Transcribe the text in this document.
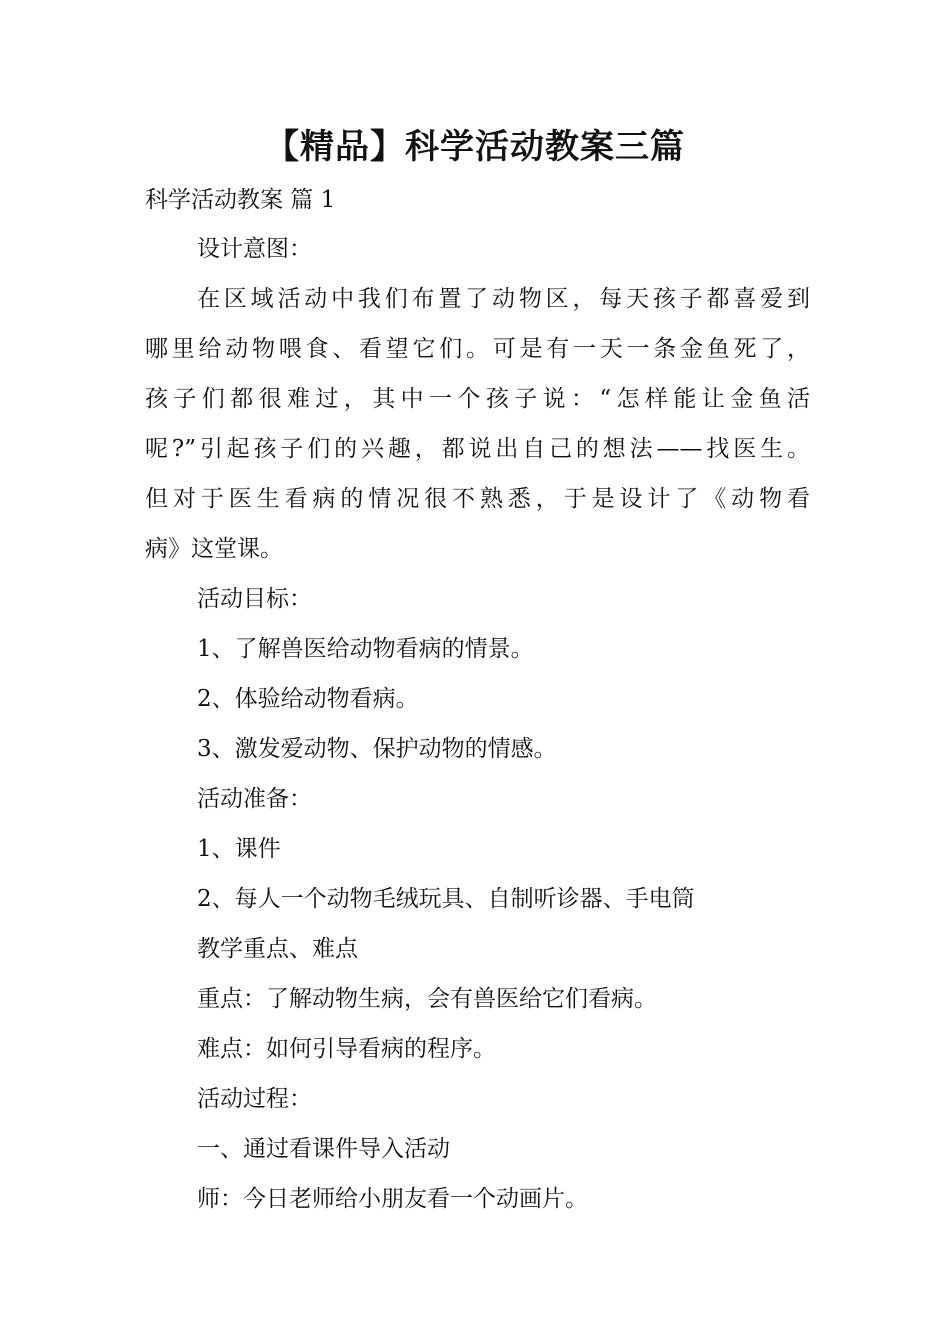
【精品】科学活动教案三篇
科学活动教案 篇 1
设计意图：
在区域活动中我们布置了动物区，每天孩子都喜爱到
哪里给动物喂食、看望它们。可是有一天一条金鱼死了，
孩子们都很难过，其中一个孩子说：“怎样能让金鱼活
呢?”引起孩子们的兴趣，都说出自己的想法——找医生。
但对于医生看病的情况很不熟悉，于是设计了《动物看
病》这堂课。
活动目标：
1、了解兽医给动物看病的情景。
2、体验给动物看病。
3、激发爱动物、保护动物的情感。
活动准备：
1、课件
2、每人一个动物毛绒玩具、自制听诊器、手电筒
教学重点、难点
重点：了解动物生病，会有兽医给它们看病。
难点：如何引导看病的程序。
活动过程：
一、通过看课件导入活动
师：今日老师给小朋友看一个动画片。
